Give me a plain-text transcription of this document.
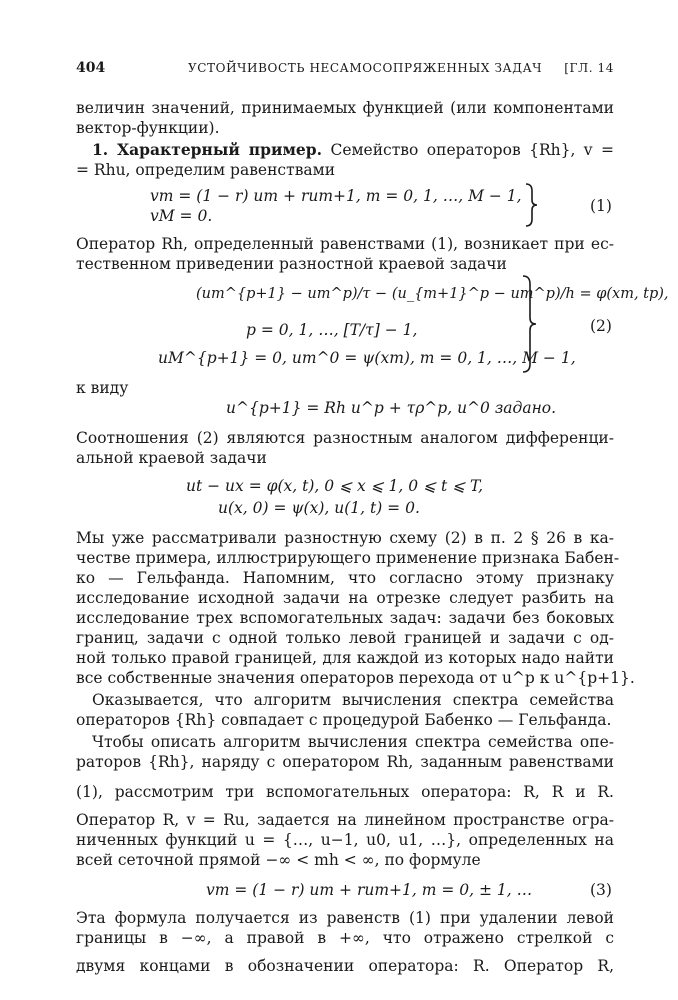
404	УСТОЙЧИВОСТЬ НЕСАМОСОПРЯЖЕННЫХ ЗАДАЧ [ГЛ. 14
величин значений, принимаемых функцией (или компонентами
вектор-функции).
1. Характерный пример. Семейство операторов {Rh}, v =
= Rhu, определим равенствами
vm = (1 − r) um + rum+1, m = 0, 1, …, M − 1,
vM = 0.
(1)
Оператор Rh, определенный равенствами (1), возникает при ес-
тественном приведении разностной краевой задачи
(um^{p+1} − um^p)/τ − (u_{m+1}^p − um^p)/h = φ(xm, tp),
p = 0, 1, …, [T/τ] − 1,
uM^{p+1} = 0, um^0 = ψ(xm), m = 0, 1, …, M − 1,
(2)
к виду
u^{p+1} = Rh u^p + τρ^p, u^0 задано.
Соотношения (2) являются разностным аналогом дифференци-
альной краевой задачи
ut − ux = φ(x, t), 0 ⩽ x ⩽ 1, 0 ⩽ t ⩽ T,
u(x, 0) = ψ(x), u(1, t) = 0.
Мы уже рассматривали разностную схему (2) в п. 2 § 26 в ка-
честве примера, иллюстрирующего применение признака Бабен-
ко — Гельфанда. Напомним, что согласно этому признаку
исследование исходной задачи на отрезке следует разбить на
исследование трех вспомогательных задач: задачи без боковых
границ, задачи с одной только левой границей и задачи с од-
ной только правой границей, для каждой из которых надо найти
все собственные значения операторов перехода от u^p к u^{p+1}.
Оказывается, что алгоритм вычисления спектра семейства
операторов {Rh} совпадает с процедурой Бабенко — Гельфанда.
Чтобы описать алгоритм вычисления спектра семейства опе-
раторов {Rh}, наряду с оператором Rh, заданным равенствами
(1), рассмотрим три вспомогательных оператора: R, R и R.
Оператор R, v = Ru, задается на линейном пространстве огра-
ниченных функций u = {…, u−1, u0, u1, …}, определенных на
всей сеточной прямой −∞ < mh < ∞, по формуле
vm = (1 − r) um + rum+1, m = 0, ± 1, …	(3)
Эта формула получается из равенств (1) при удалении левой
границы в −∞, а правой в +∞, что отражено стрелкой с
двумя концами в обозначении оператора: R. Оператор R,
